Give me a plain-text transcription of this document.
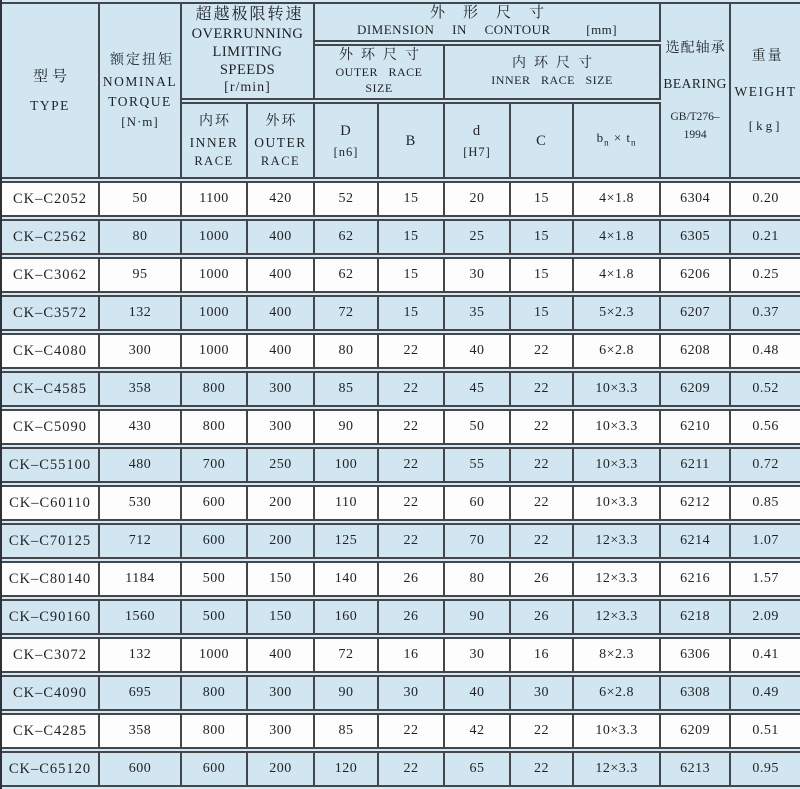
型号
TYPE

额定扭矩
NOMINAL
TORQUE
[N·m]

超越极限转速
OVERRUNNING
LIMITING SPEEDS
[r/min]

外形尺寸
DIMENSION IN CONTOUR	[mm]

选配轴承
BEARING
GB/T276–1994

重量
WEIGHT
[kg]

外环尺寸
OUTER RACE SIZE

内环尺寸
INNER RACE SIZE

内环
INNER
RACE

外环
OUTER
RACE

D
[n6]

B

d
[H7]

C	$b_n \times t_n$

CK–C2052	50	1100	420	52	15	20	15	4×1.8	6304	0.20
CK–C2562	80	1000	400	62	15	25	15	4×1.8	6305	0.21
CK–C3062	95	1000	400	62	15	30	15	4×1.8	6206	0.25
CK–C3572	132	1000	400	72	15	35	15	5×2.3	6207	0.37
CK–C4080	300	1000	400	80	22	40	22	6×2.8	6208	0.48
CK–C4585	358	800	300	85	22	45	22	10×3.3	6209	0.52
CK–C5090	430	800	300	90	22	50	22	10×3.3	6210	0.56
CK–C55100	480	700	250	100	22	55	22	10×3.3	6211	0.72
CK–C60110	530	600	200	110	22	60	22	10×3.3	6212	0.85
CK–C70125	712	600	200	125	22	70	22	12×3.3	6214	1.07
CK–C80140	1184	500	150	140	26	80	26	12×3.3	6216	1.57
CK–C90160	1560	500	150	160	26	90	26	12×3.3	6218	2.09
CK–C3072	132	1000	400	72	16	30	16	8×2.3	6306	0.41
CK–C4090	695	800	300	90	30	40	30	6×2.8	6308	0.49
CK–C4285	358	800	300	85	22	42	22	10×3.3	6209	0.51
CK–C65120	600	600	200	120	22	65	22	12×3.3	6213	0.95
